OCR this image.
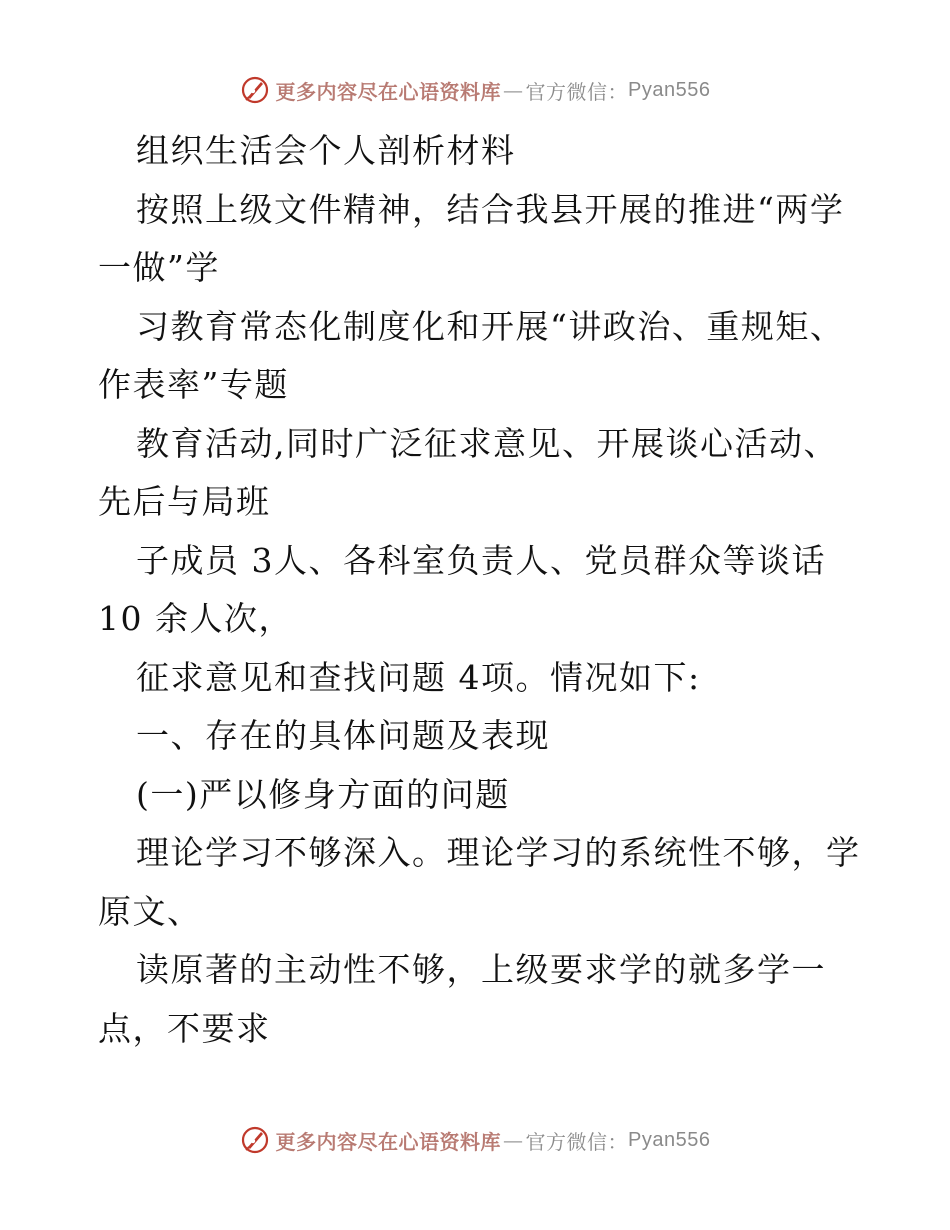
更多内容尽在心语资料库 — 官方微信： Pyan556
组织生活会个人剖析材料
按照上级文件精神，结合我县开展的推进“两学
一做”学
习教育常态化制度化和开展“讲政治、重规矩、
作表率”专题
教育活动,同时广泛征求意见、开展谈心活动、
先后与局班
子成员 3人、各科室负责人、党员群众等谈话
10 余人次，
征求意见和查找问题 4项。情况如下:
一、存在的具体问题及表现
(一)严以修身方面的问题
理论学习不够深入。理论学习的系统性不够，学
原文、
读原著的主动性不够，上级要求学的就多学一
点，不要求
更多内容尽在心语资料库 — 官方微信： Pyan556
